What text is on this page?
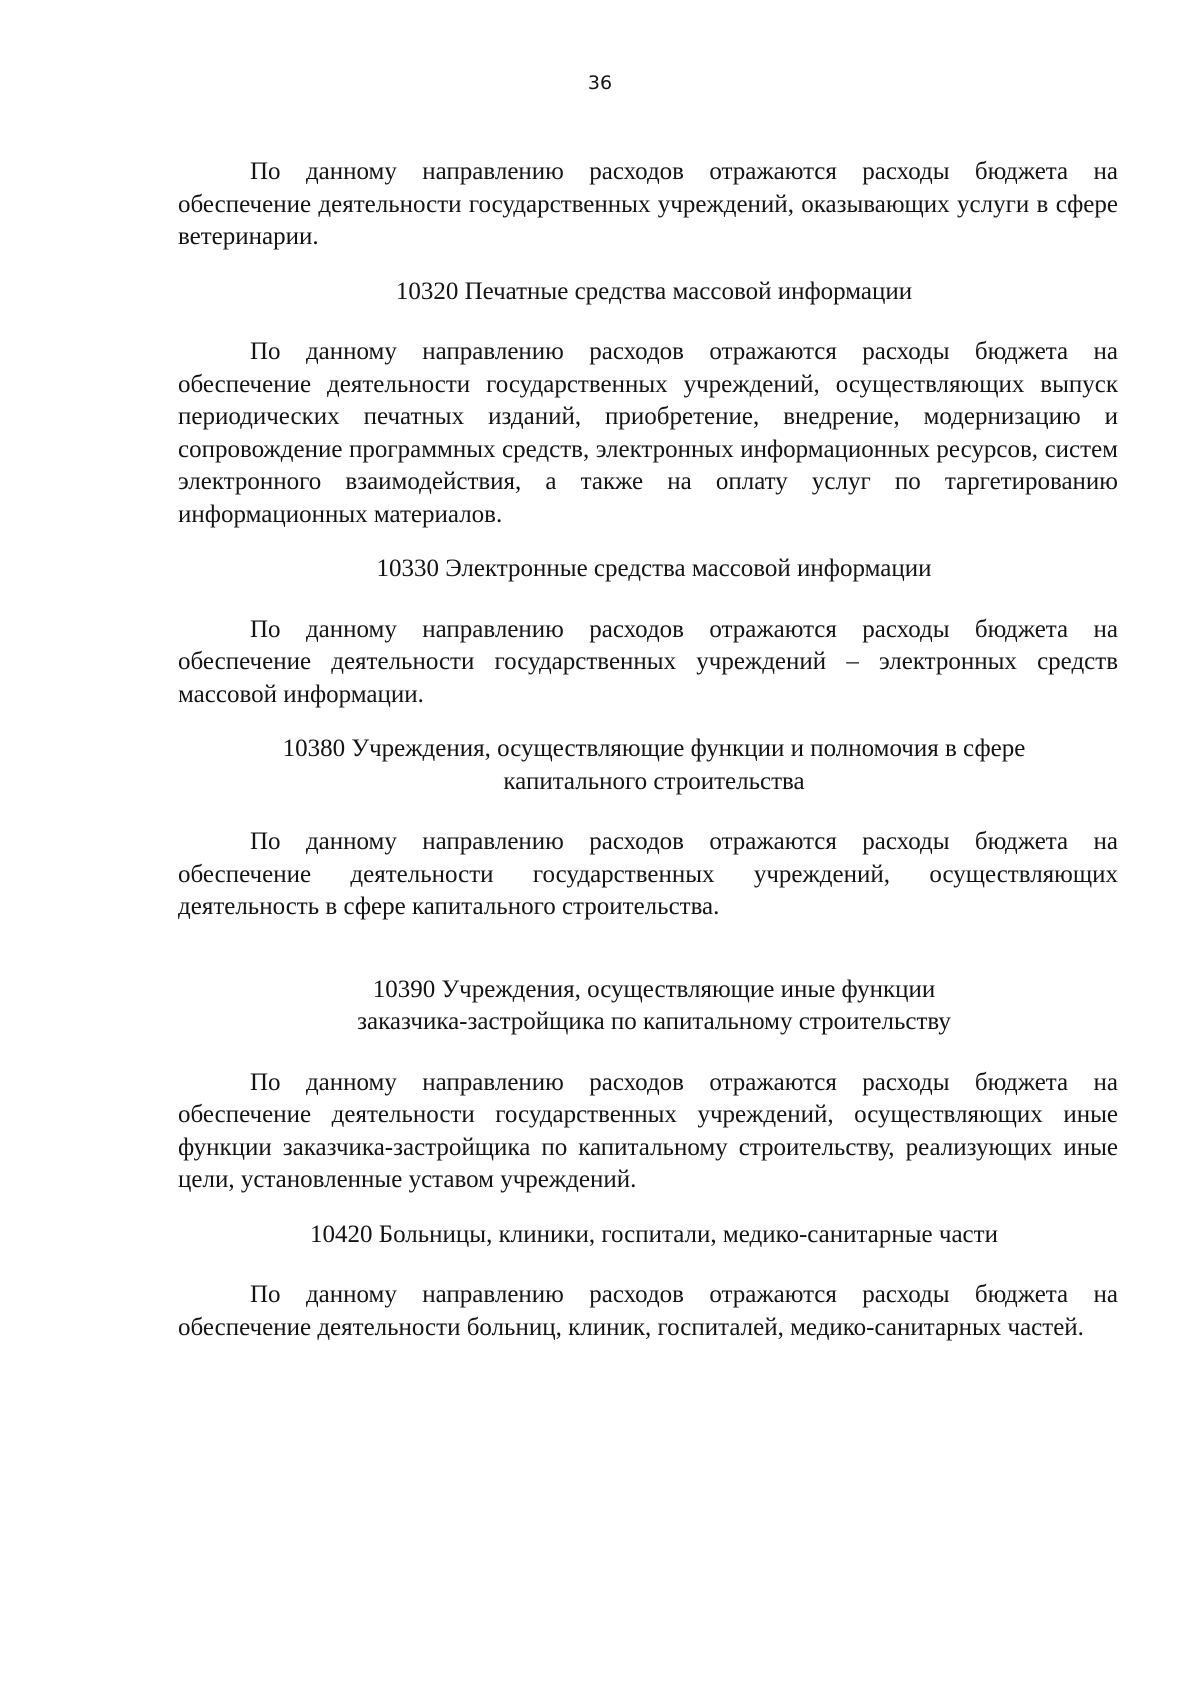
36

По данному направлению расходов отражаются расходы бюджета на обеспечение деятельности государственных учреждений, оказывающих услуги в сфере ветеринарии.

10320 Печатные средства массовой информации

По данному направлению расходов отражаются расходы бюджета на обеспечение деятельности государственных учреждений, осуществляющих выпуск периодических печатных изданий, приобретение, внедрение, модернизацию и сопровождение программных средств, электронных информационных ресурсов, систем электронного взаимодействия, а также на оплату услуг по таргетированию информационных материалов.

10330 Электронные средства массовой информации

По данному направлению расходов отражаются расходы бюджета на обеспечение деятельности государственных учреждений – электронных средств массовой информации.

10380 Учреждения, осуществляющие функции и полномочия в сфере
капитального строительства

По данному направлению расходов отражаются расходы бюджета на обеспечение деятельности государственных учреждений, осуществляющих деятельность в сфере капитального строительства.

10390 Учреждения, осуществляющие иные функции
заказчика-застройщика по капитальному строительству

По данному направлению расходов отражаются расходы бюджета на обеспечение деятельности государственных учреждений, осуществляющих иные функции заказчика-застройщика по капитальному строительству, реализующих иные цели, установленные уставом учреждений.

10420 Больницы, клиники, госпитали, медико-санитарные части

По данному направлению расходов отражаются расходы бюджета на обеспечение деятельности больниц, клиник, госпиталей, медико-санитарных частей.
